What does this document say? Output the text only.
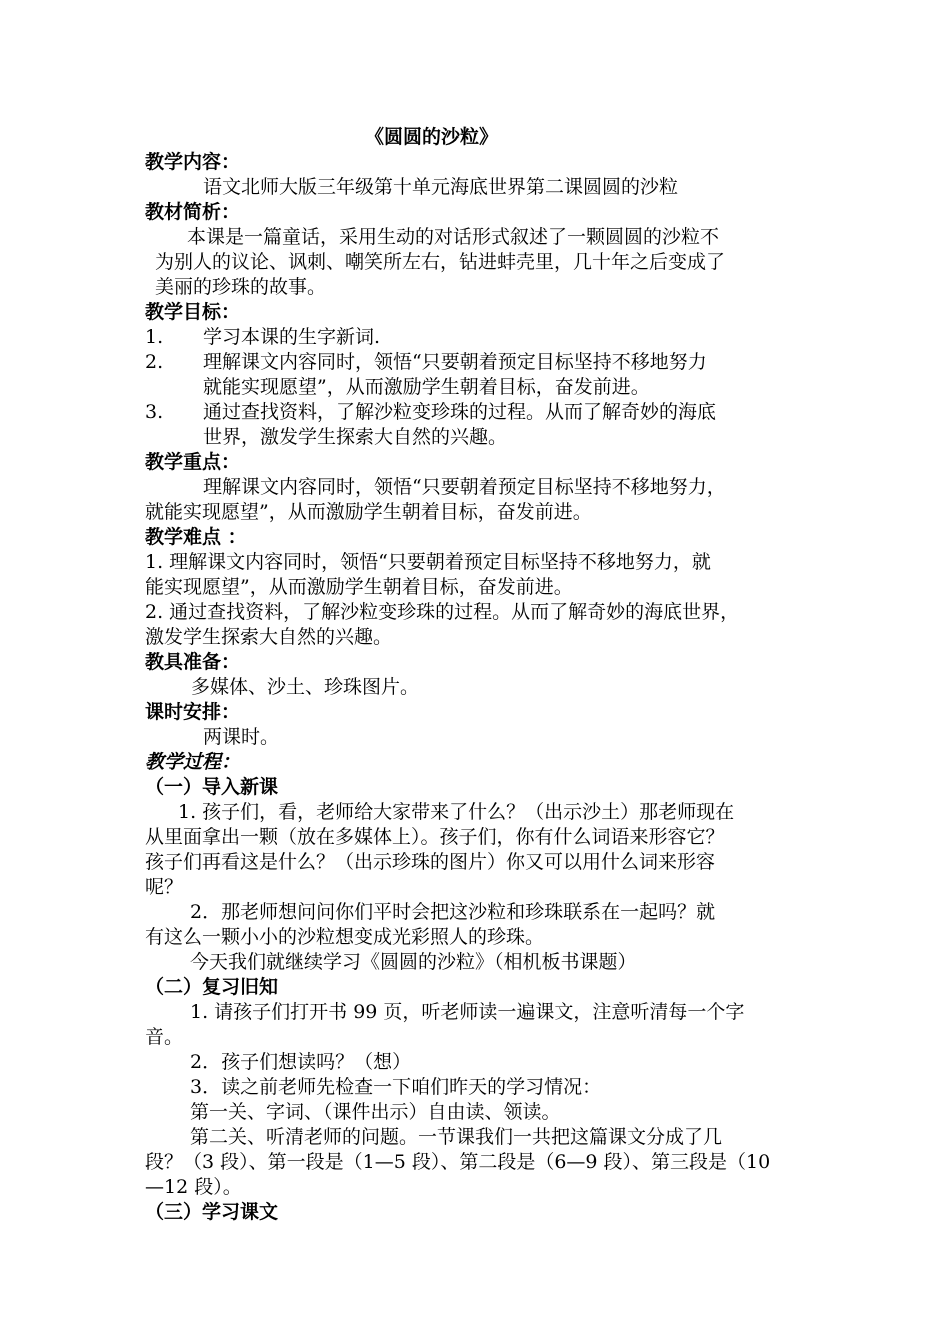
《圆圆的沙粒》
教学内容：
语文北师大版三年级第十单元海底世界第二课圆圆的沙粒
教材简析：
本课是一篇童话，采用生动的对话形式叙述了一颗圆圆的沙粒不
为别人的议论、讽刺、嘲笑所左右，钻进蚌壳里，几十年之后变成了
美丽的珍珠的故事。
教学目标：
1. 学习本课的生字新词.
2. 理解课文内容同时，领悟“只要朝着预定目标坚持不移地努力
就能实现愿望”，从而激励学生朝着目标，奋发前进。
3. 通过查找资料，了解沙粒变珍珠的过程。从而了解奇妙的海底
世界，激发学生探索大自然的兴趣。
教学重点：
理解课文内容同时，领悟“只要朝着预定目标坚持不移地努力，
就能实现愿望”，从而激励学生朝着目标，奋发前进。
教学难点 ：
1. 理解课文内容同时，领悟“只要朝着预定目标坚持不移地努力，就
能实现愿望”，从而激励学生朝着目标，奋发前进。
2. 通过查找资料，了解沙粒变珍珠的过程。从而了解奇妙的海底世界，
激发学生探索大自然的兴趣。
教具准备：
多媒体、沙土、珍珠图片。
课时安排：
两课时。
教学过程：
（一）导入新课
1. 孩子们，看，老师给大家带来了什么？（出示沙土）那老师现在
从里面拿出一颗（放在多媒体上）。孩子们，你有什么词语来形容它？
孩子们再看这是什么？（出示珍珠的图片）你又可以用什么词来形容
呢？
2．那老师想问问你们平时会把这沙粒和珍珠联系在一起吗？就
有这么一颗小小的沙粒想变成光彩照人的珍珠。
今天我们就继续学习《圆圆的沙粒》（相机板书课题）
（二）复习旧知
1. 请孩子们打开书 99 页，听老师读一遍课文，注意听清每一个字
音。
2．孩子们想读吗？（想）
3．读之前老师先检查一下咱们昨天的学习情况：
第一关、字词、（课件出示）自由读、领读。
第二关、听清老师的问题。一节课我们一共把这篇课文分成了几
段？（3 段）、第一段是（1—5 段）、第二段是（6—9 段）、第三段是（10
—12 段）。
（三）学习课文
